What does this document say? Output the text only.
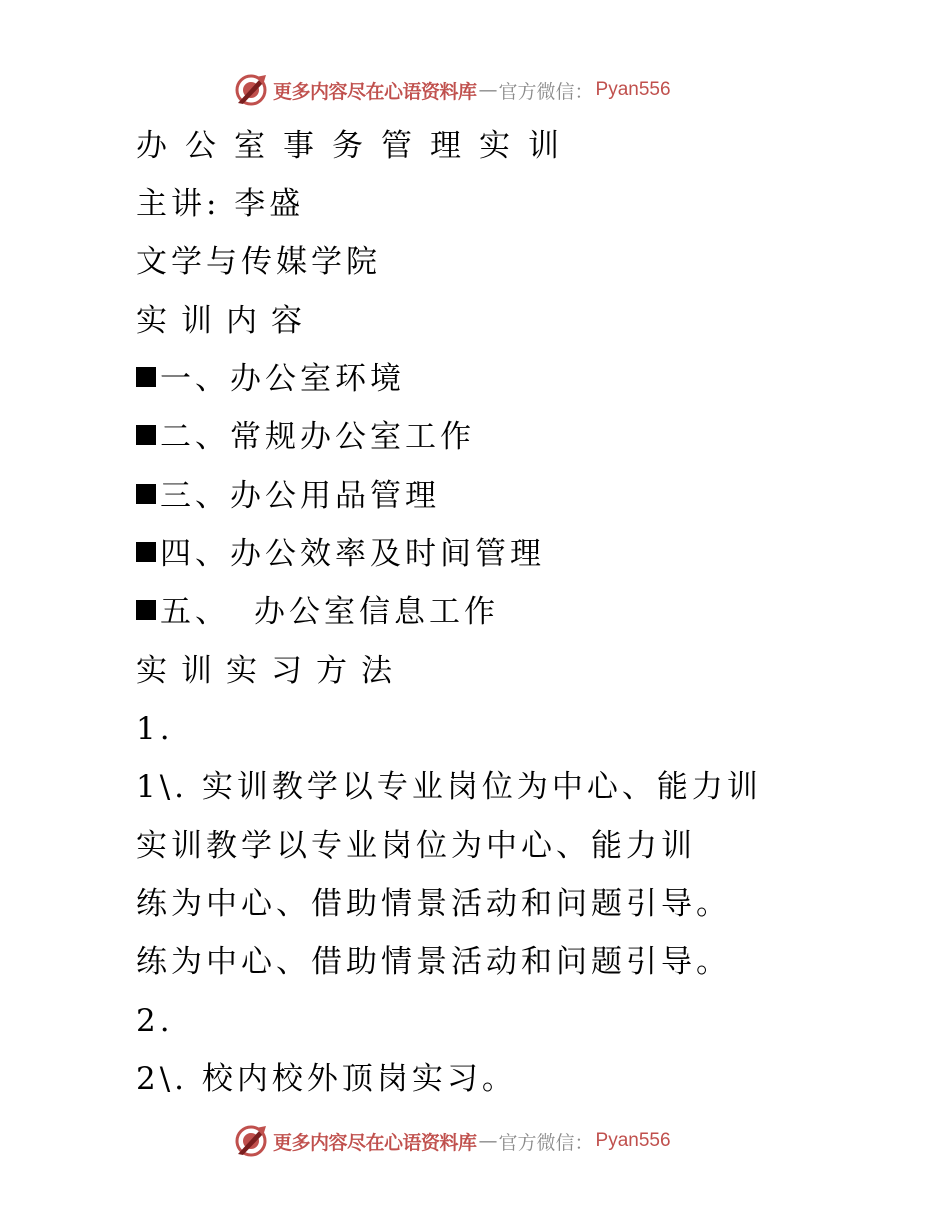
更多内容尽在心语资料库 — 官方微信： Pyan556
办公室事务管理实训
主讲: 李盛
文学与传媒学院
实训内容
一、办公室环境
二、常规办公室工作
三、办公用品管理
四、办公效率及时间管理
五、 办公室信息工作
实训实习方法
1.
1\. 实训教学以专业岗位为中心、能力训
实训教学以专业岗位为中心、能力训
练为中心、借助情景活动和问题引导。
练为中心、借助情景活动和问题引导。
2.
2\. 校内校外顶岗实习。
更多内容尽在心语资料库 — 官方微信： Pyan556
